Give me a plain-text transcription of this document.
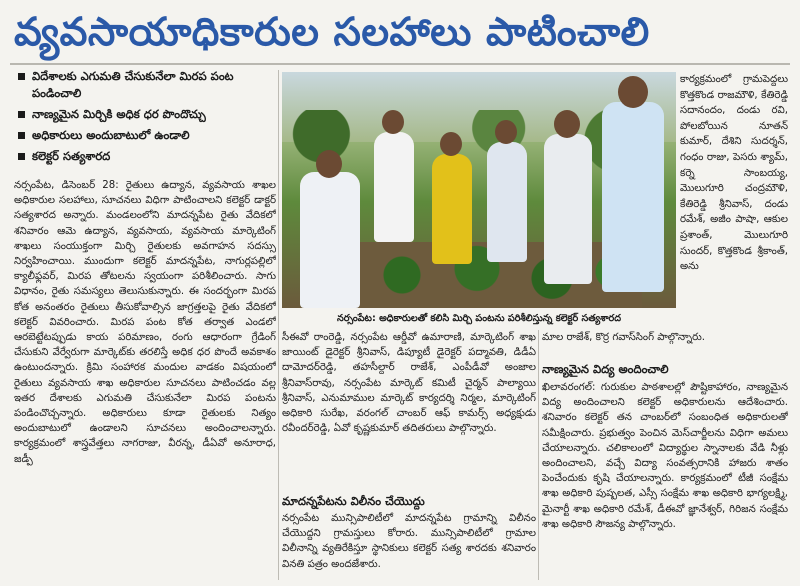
వ్యవసాయాధికారుల సలహాలు పాటించాలి
విదేశాలకు ఎగుమతి చేసుకునేలా మిరప పంట పండించాలి
నాణ్యమైన మిర్చికి అధిక ధర పొందొచ్చు
అధికారులు అందుబాటులో ఉండాలి
కలెక్టర్ సత్యశారద
నర్సంపేట, డిసెంబర్ 28: రైతులు ఉద్యాన, వ్యవసాయ శాఖల అధికారుల సలహాలు, సూచనలు విధిగా పాటించాలని కలెక్టర్ డాక్టర్ సత్యశారద అన్నారు. మండలంలోని మాదన్నపేట రైతు వేదికలో శనివారం ఆమె ఉద్యాన, వ్యవసాయ, వ్యవసాయ మార్కెటింగ్ శాఖలు సంయుక్తంగా మిర్చి రైతులకు అవగాహన సదస్సు నిర్వహించాయి. ముందుగా కలెక్టర్ మాదన్నపేట, నాగుర్లపల్లిలో క్యాలీఫ్లవర్, మిరప తోటలను స్వయంగా పరిశీలించారు. సాగు విధానం, రైతు సమస్యలు తెలుసుకున్నారు. ఈ సందర్భంగా మిరప కోత అనంతరం రైతులు తీసుకోవాల్సిన జాగ్రత్తలపై రైతు వేదికలో కలెక్టర్ వివరించారు. మిరప పంట కోత తర్వాత ఎండలో ఆరబెట్టేటప్పుడు కాయ పరిమాణం, రంగు ఆధారంగా గ్రేడింగ్ చేసుకుని వేర్వేరుగా మార్కెట్‌కు తరలిస్తే అధిక ధర పొందే అవకాశం ఉంటుందన్నారు. క్రిమి సంహారక మందుల వాడకం విషయంలో రైతులు వ్యవసాయ శాఖ అధికారుల సూచనలు పాటించడం వల్ల ఇతర దేశాలకు ఎగుమతి చేసుకునేలా మిరప పంటను పండించొచ్చన్నారు. అధికారులు కూడా రైతులకు నిత్యం అందుబాటులో ఉండాలని సూచనలు అందించాలన్నారు. కార్యక్రమంలో శాస్త్రవేత్తలు నాగరాజు, వీరన్న, డీఏవో అనూరాధ, జడ్పీ
నర్సంపేట: అధికారులతో కలిసి మిర్చి పంటను పరిశీలిస్తున్న కలెక్టర్ సత్యశారద
సీఈవో రాంరెడ్డి, నర్సంపేట ఆర్డీవో ఉమారాణి, మార్కెటింగ్ శాఖ జాయింట్ డైరెక్టర్ శ్రీనివాస్, డిప్యూటీ డైరెక్టర్ పద్మావతి, డిడీఏ దామోదర్‌రెడ్డి, తహసీల్దార్ రాజేశ్, ఎంపీడీవో అంజాల శ్రీనివాస్‌రావు, నర్సంపేట మార్కెట్ కమిటీ చైర్మన్ పాల్యాయి శ్రీనివాస్, ఎనుమాముల మార్కెట్ కార్యదర్శి నిర్మల, మార్కెటింగ్ అధికారి సురేఖ, వరంగల్ చాంబర్ ఆఫ్ కామర్స్ అధ్యక్షుడు రవీందర్‌రెడ్డి, ఏవో కృష్ణకుమార్ తదితరులు పాల్గొన్నారు.
మాదన్నపేటను విలీనం చేయొద్దు
నర్సంపేట మున్సిపాలిటీలో మాదన్నపేట గ్రామాన్ని విలీనం చేయొద్దని గ్రామస్తులు కోరారు. మున్సిపాలిటీలో గ్రామాల విలీనాన్ని వ్యతిరేకిస్తూ స్థానికులు కలెక్టర్ సత్య శారదకు శనివారం వినతి పత్రం అందజేశారు.
కార్యక్రమంలో గ్రామపెద్దలు కొత్తకొండ రాజమౌళి, కేతిరెడ్డి సదానందం, దండు రవి, పోలబోయిన నూతన్ కుమార్, దేశిని సుదర్శన్, గంధం రాజు, పెసరు శ్యామ్, కర్నె సాంబయ్య, మొలుగూరి చంద్రమౌళి, కేతిరెడ్డి శ్రీనివాస్, దండు రమేశ్, అజీం పాషా, ఆకుల ప్రశాంత్, మొలుగూరి సుందర్, కొత్తకొండ శ్రీకాంత్, అను
మాల రాజేశ్, కొర్ర గవాస్‌సింగ్ పాల్గొన్నారు.
నాణ్యమైన విద్య అందించాలి
ఖిలావరంగల్: గురుకుల పాఠశాలల్లో పౌష్టికాహారం, నాణ్యమైన విద్య అందించాలని కలెక్టర్ అధికారులను ఆదేశించారు. శనివారం కలెక్టర్ తన చాంబర్‌లో సంబంధిత అధికారులతో సమీక్షించారు. ప్రభుత్వం పెంచిన మెస్‌చార్జీలను విధిగా అమలు చేయాలన్నారు. చలికాలంలో విద్యార్థుల స్నానాలకు వేడి నీళ్లు అందించాలని, వచ్చే విద్యా సంవత్సరానికి హాజరు శాతం పెంచేందుకు కృషి చేయాలన్నారు. కార్యక్రమంలో టీజీ సంక్షేమ శాఖ అధికారి పుష్పలత, ఎస్సీ సంక్షేమ శాఖ అధికారి భాగ్యలక్ష్మి, మైనార్టీ శాఖ అధికారి రమేశ్, డీఈవో జ్ఞానేశ్వర్, గిరిజన సంక్షేమ శాఖ అధికారి సౌజన్య పాల్గొన్నారు.
